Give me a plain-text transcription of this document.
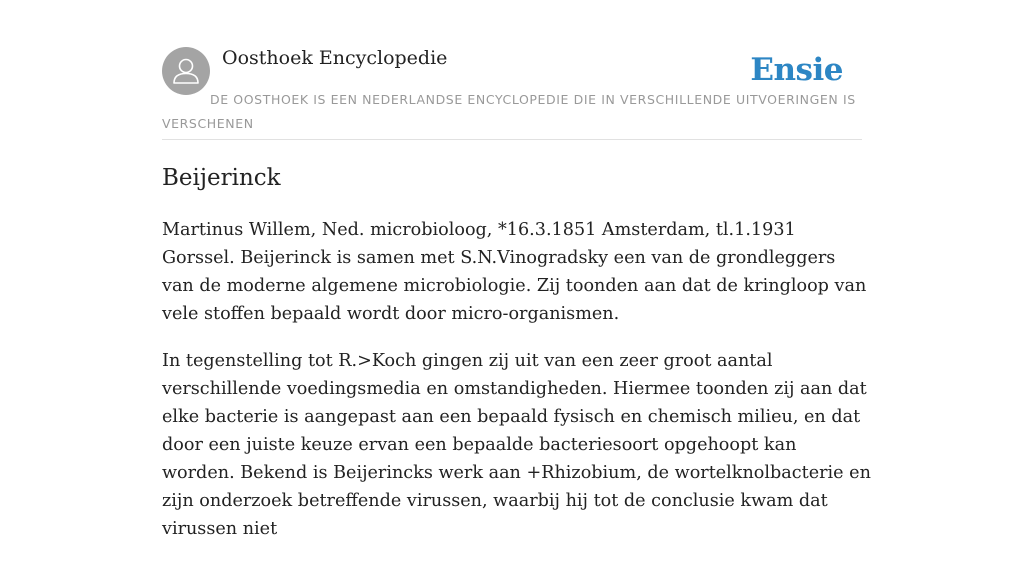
Oosthoek Encyclopedie	Ensie
DE OOSTHOEK IS EEN NEDERLANDSE ENCYCLOPEDIE DIE IN VERSCHILLENDE UITVOERINGEN IS VERSCHENEN
Beijerinck

Martinus Willem, Ned. microbioloog, *16.3.1851 Amsterdam, tl.1.1931 Gorssel. Beijerinck is samen met S.N.Vinogradsky een van de grondleggers van de moderne algemene microbiologie. Zij toonden aan dat de kringloop van vele stoffen bepaald wordt door micro-organismen.

In tegenstelling tot R.>Koch gingen zij uit van een zeer groot aantal verschillende voedingsmedia en omstandigheden. Hiermee toonden zij aan dat elke bacterie is aangepast aan een bepaald fysisch en chemisch milieu, en dat door een juiste keuze ervan een bepaalde bacteriesoort opgehoopt kan worden. Bekend is Beijerincks werk aan +Rhizobium, de wortelknolbacterie en zijn onderzoek betreffende virussen, waarbij hij tot de conclusie kwam dat virussen niet
